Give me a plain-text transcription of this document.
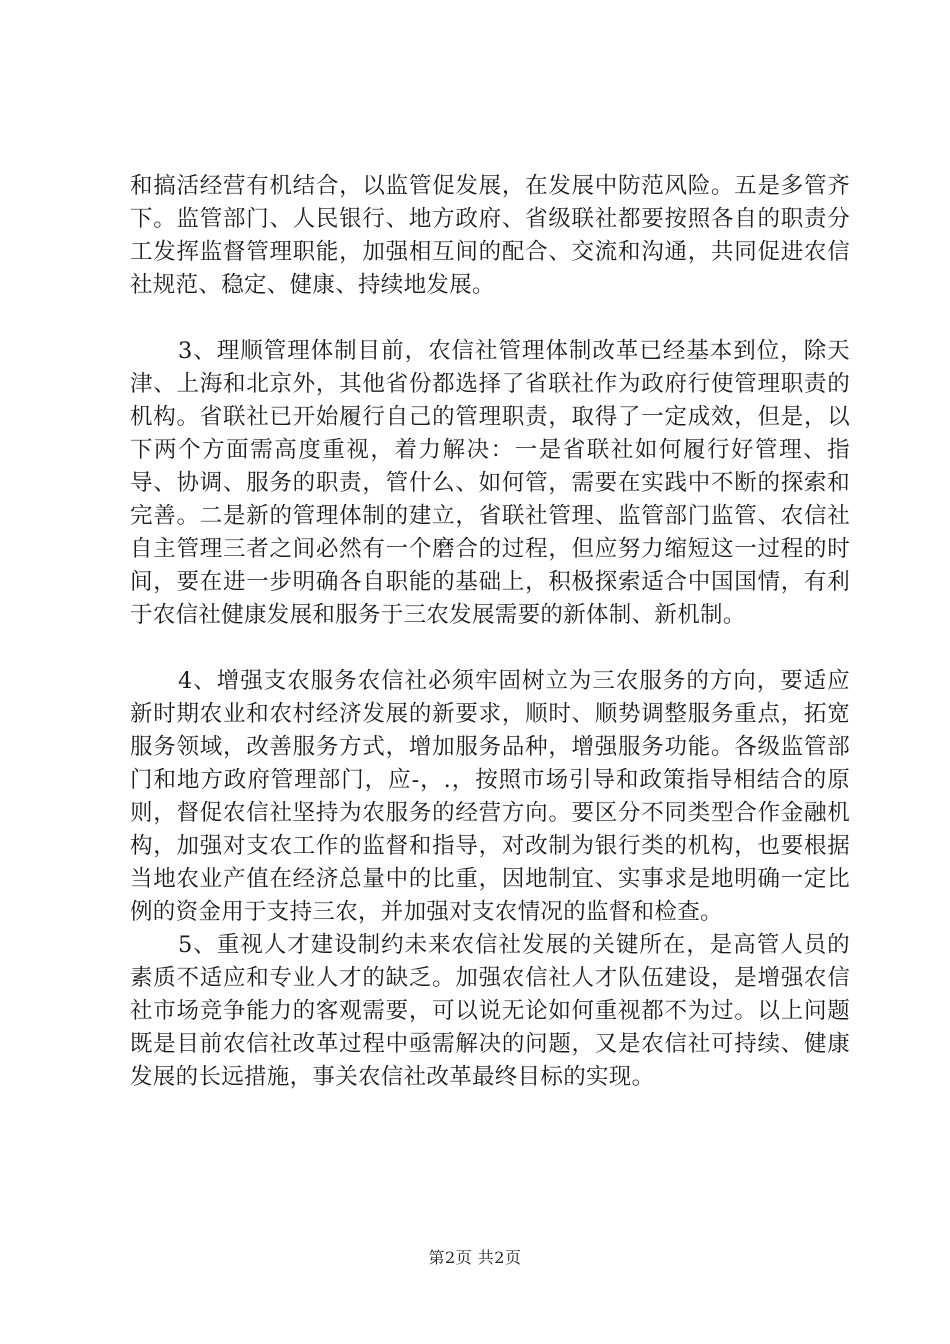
和搞活经营有机结合，以监管促发展，在发展中防范风险。五是多管齐下。监管部门、人民银行、地方政府、省级联社都要按照各自的职责分工发挥监督管理职能，加强相互间的配合、交流和沟通，共同促进农信社规范、稳定、健康、持续地发展。

3、理顺管理体制目前，农信社管理体制改革已经基本到位，除天津、上海和北京外，其他省份都选择了省联社作为政府行使管理职责的机构。省联社已开始履行自己的管理职责，取得了一定成效，但是，以下两个方面需高度重视，着力解决：一是省联社如何履行好管理、指导、协调、服务的职责，管什么、如何管，需要在实践中不断的探索和完善。二是新的管理体制的建立，省联社管理、监管部门监管、农信社自主管理三者之间必然有一个磨合的过程，但应努力缩短这一过程的时间，要在进一步明确各自职能的基础上，积极探索适合中国国情，有利于农信社健康发展和服务于三农发展需要的新体制、新机制。

4、增强支农服务农信社必须牢固树立为三农服务的方向，要适应新时期农业和农村经济发展的新要求，顺时、顺势调整服务重点，拓宽服务领域，改善服务方式，增加服务品种，增强服务功能。各级监管部门和地方政府管理部门，应-，.，按照市场引导和政策指导相结合的原则，督促农信社坚持为农服务的经营方向。要区分不同类型合作金融机构，加强对支农工作的监督和指导，对改制为银行类的机构，也要根据当地农业产值在经济总量中的比重，因地制宜、实事求是地明确一定比例的资金用于支持三农，并加强对支农情况的监督和检查。

5、重视人才建设制约未来农信社发展的关键所在，是高管人员的素质不适应和专业人才的缺乏。加强农信社人才队伍建设，是增强农信社市场竞争能力的客观需要，可以说无论如何重视都不为过。以上问题既是目前农信社改革过程中亟需解决的问题，又是农信社可持续、健康发展的长远措施，事关农信社改革最终目标的实现。

第2页 共2页
